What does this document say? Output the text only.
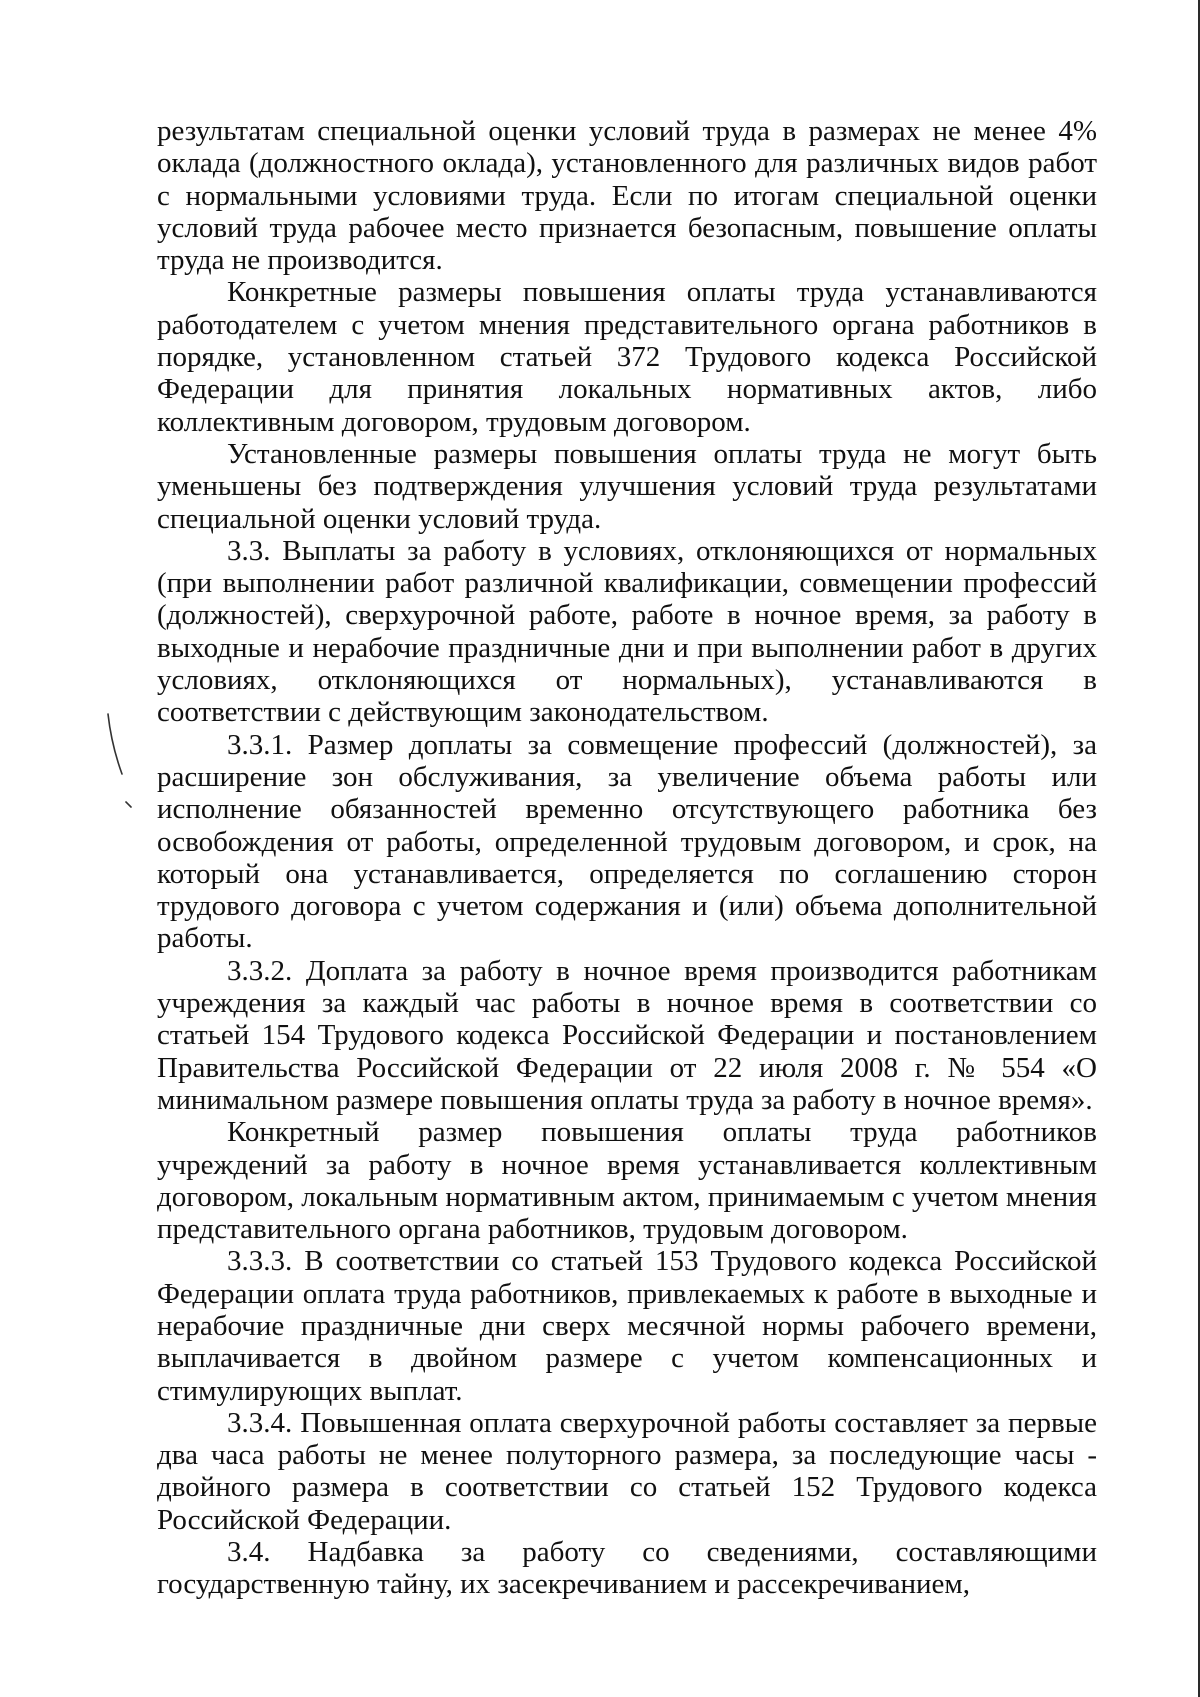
результатам специальной оценки условий труда в размерах не менее 4% оклада (должностного оклада), установленного для различных видов работ с нормальными условиями труда. Если по итогам специальной оценки условий труда рабочее место признается безопасным, повышение оплаты труда не производится.

Конкретные размеры повышения оплаты труда устанавливаются работодателем с учетом мнения представительного органа работников в порядке, установленном статьей 372 Трудового кодекса Российской Федерации для принятия локальных нормативных актов, либо коллективным договором, трудовым договором.

Установленные размеры повышения оплаты труда не могут быть уменьшены без подтверждения улучшения условий труда результатами специальной оценки условий труда.

3.3. Выплаты за работу в условиях, отклоняющихся от нормальных (при выполнении работ различной квалификации, совмещении профессий (должностей), сверхурочной работе, работе в ночное время, за работу в выходные и нерабочие праздничные дни и при выполнении работ в других условиях, отклоняющихся от нормальных), устанавливаются в соответствии с действующим законодательством.

3.3.1. Размер доплаты за совмещение профессий (должностей), за расширение зон обслуживания, за увеличение объема работы или исполнение обязанностей временно отсутствующего работника без освобождения от работы, определенной трудовым договором, и срок, на который она устанавливается, определяется по соглашению сторон трудового договора с учетом содержания и (или) объема дополнительной работы.

3.3.2. Доплата за работу в ночное время производится работникам учреждения за каждый час работы в ночное время в соответствии со статьей 154 Трудового кодекса Российской Федерации и постановлением Правительства Российской Федерации от 22 июля 2008 г. № 554 «О минимальном размере повышения оплаты труда за работу в ночное время».

Конкретный размер повышения оплаты труда работников учреждений за работу в ночное время устанавливается коллективным договором, локальным нормативным актом, принимаемым с учетом мнения представительного органа работников, трудовым договором.

3.3.3. В соответствии со статьей 153 Трудового кодекса Российской Федерации оплата труда работников, привлекаемых к работе в выходные и нерабочие праздничные дни сверх месячной нормы рабочего времени, выплачивается в двойном размере с учетом компенсационных и стимулирующих выплат.

3.3.4. Повышенная оплата сверхурочной работы составляет за первые два часа работы не менее полуторного размера, за последующие часы - двойного размера в соответствии со статьей 152 Трудового кодекса Российской Федерации.

3.4. Надбавка за работу со сведениями, составляющими государственную тайну, их засекречиванием и рассекречиванием,
